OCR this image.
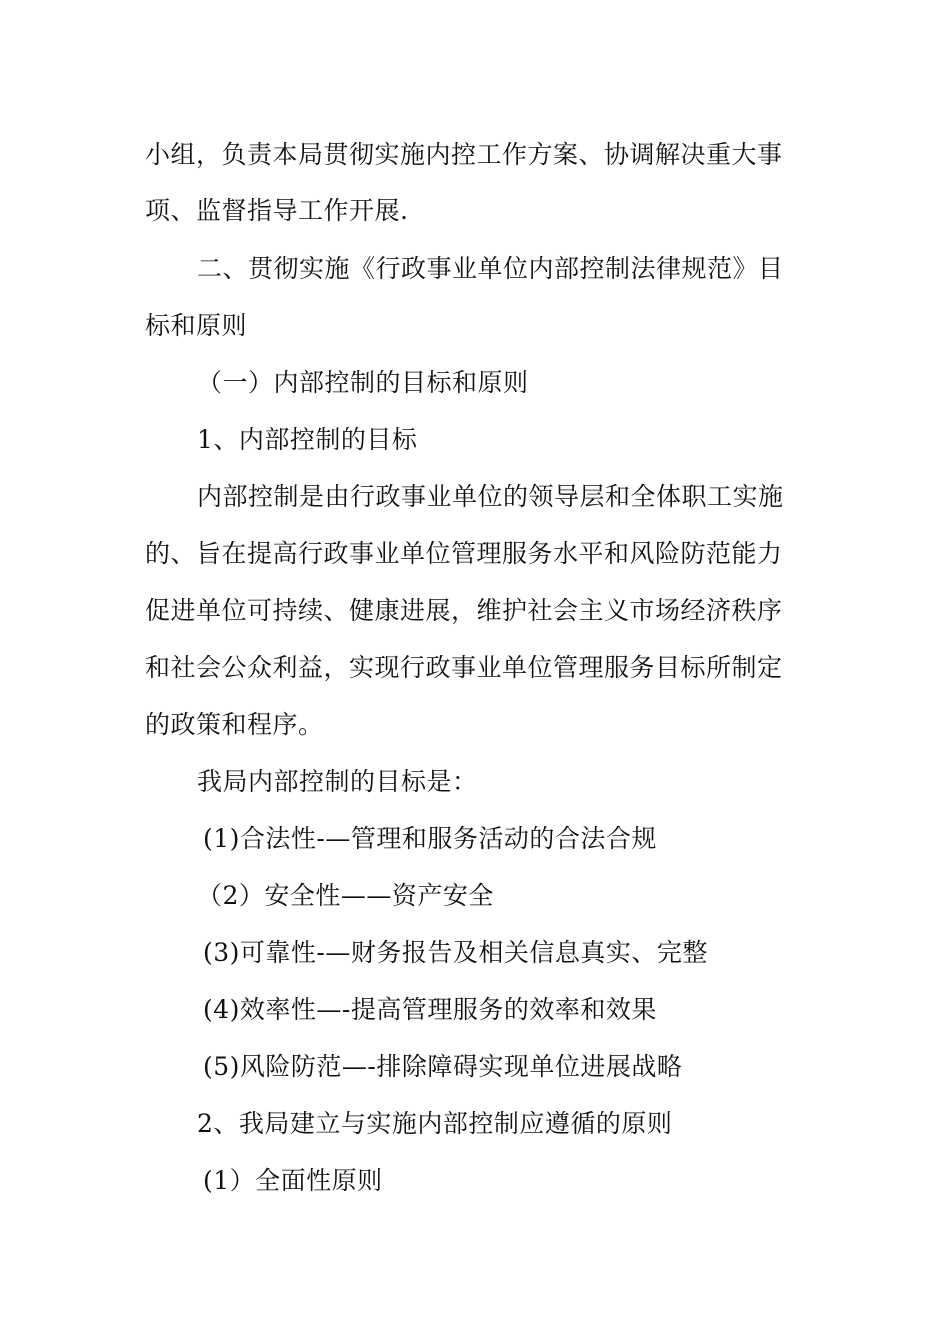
小组，负责本局贯彻实施内控工作方案、协调解决重大事
项、监督指导工作开展.
二、贯彻实施《行政事业单位内部控制法律规范》目
标和原则
（一）内部控制的目标和原则
1、内部控制的目标
内部控制是由行政事业单位的领导层和全体职工实施
的、旨在提高行政事业单位管理服务水平和风险防范能力
促进单位可持续、健康进展，维护社会主义市场经济秩序
和社会公众利益，实现行政事业单位管理服务目标所制定
的政策和程序。
我局内部控制的目标是：
(1)合法性-—管理和服务活动的合法合规
（2）安全性——资产安全
(3)可靠性-—财务报告及相关信息真实、完整
(4)效率性—-提高管理服务的效率和效果
(5)风险防范—-排除障碍实现单位进展战略
2、我局建立与实施内部控制应遵循的原则
(1）全面性原则
